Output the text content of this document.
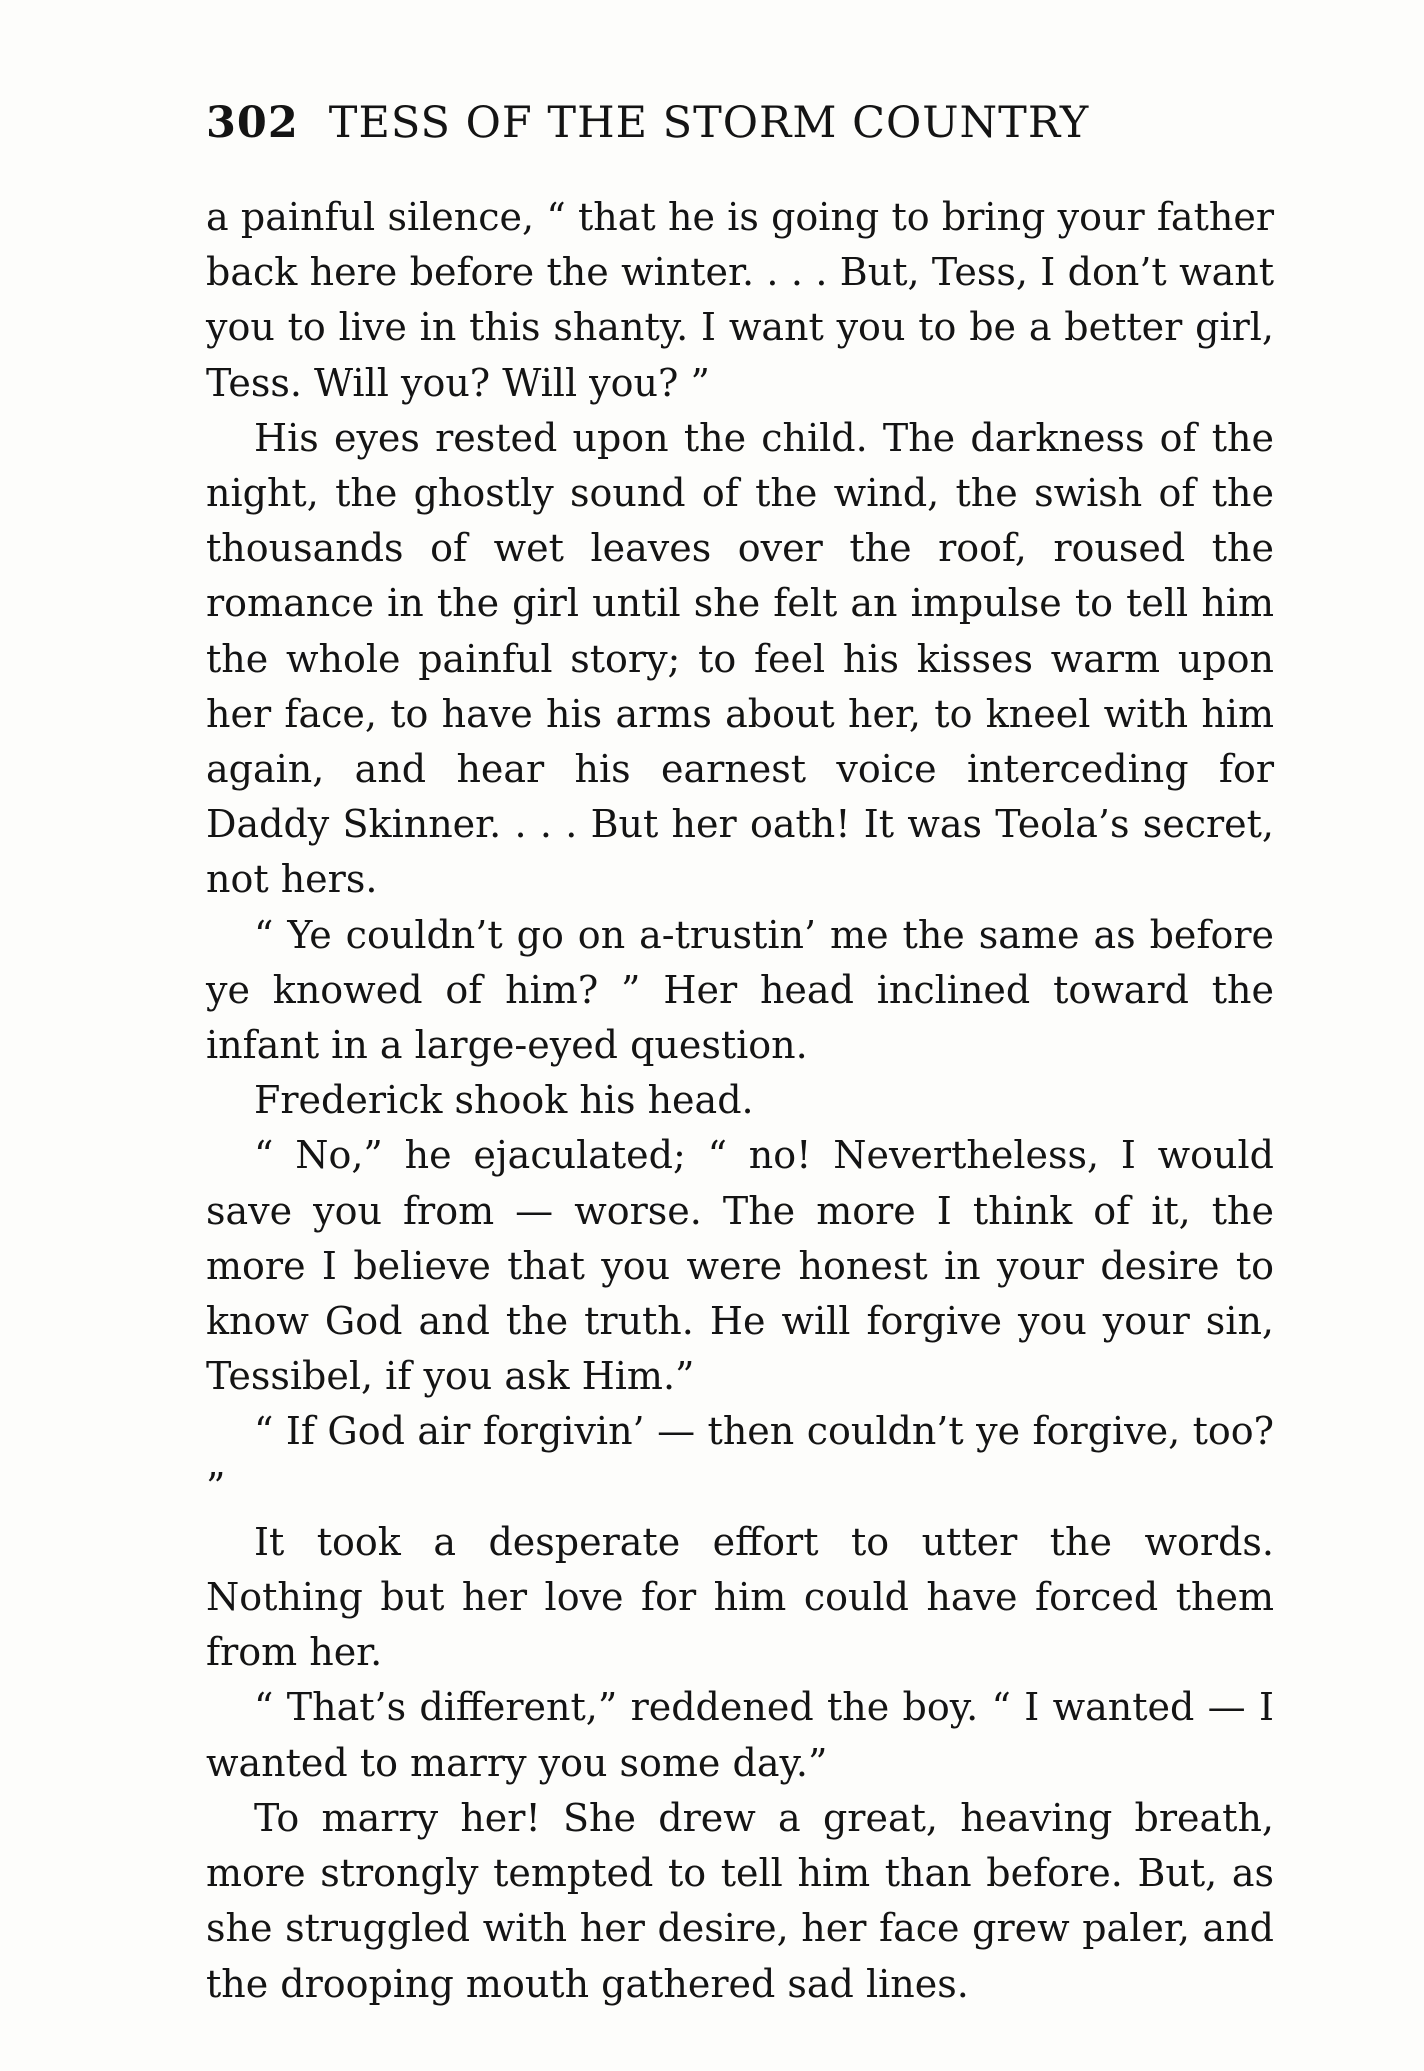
302 TESS OF THE STORM COUNTRY

a painful silence, “ that he is going to bring your father back here before the winter. . . . But, Tess, I don’t want you to live in this shanty. I want you to be a better girl, Tess. Will you? Will you? ”

His eyes rested upon the child. The darkness of the night, the ghostly sound of the wind, the swish of the thousands of wet leaves over the roof, roused the romance in the girl until she felt an impulse to tell him the whole painful story; to feel his kisses warm upon her face, to have his arms about her, to kneel with him again, and hear his earnest voice interceding for Daddy Skinner. . . . But her oath! It was Teola’s secret, not hers.

“ Ye couldn’t go on a-trustin’ me the same as before ye knowed of him? ” Her head inclined toward the infant in a large-eyed question.

Frederick shook his head.

“ No,” he ejaculated; “ no! Nevertheless, I would save you from — worse. The more I think of it, the more I believe that you were honest in your desire to know God and the truth. He will forgive you your sin, Tessibel, if you ask Him.”

“ If God air forgivin’ — then couldn’t ye forgive, too? ”

It took a desperate effort to utter the words. Nothing but her love for him could have forced them from her.

“ That’s different,” reddened the boy. “ I wanted — I wanted to marry you some day.”

To marry her! She drew a great, heaving breath, more strongly tempted to tell him than before. But, as she struggled with her desire, her face grew paler, and the drooping mouth gathered sad lines.
